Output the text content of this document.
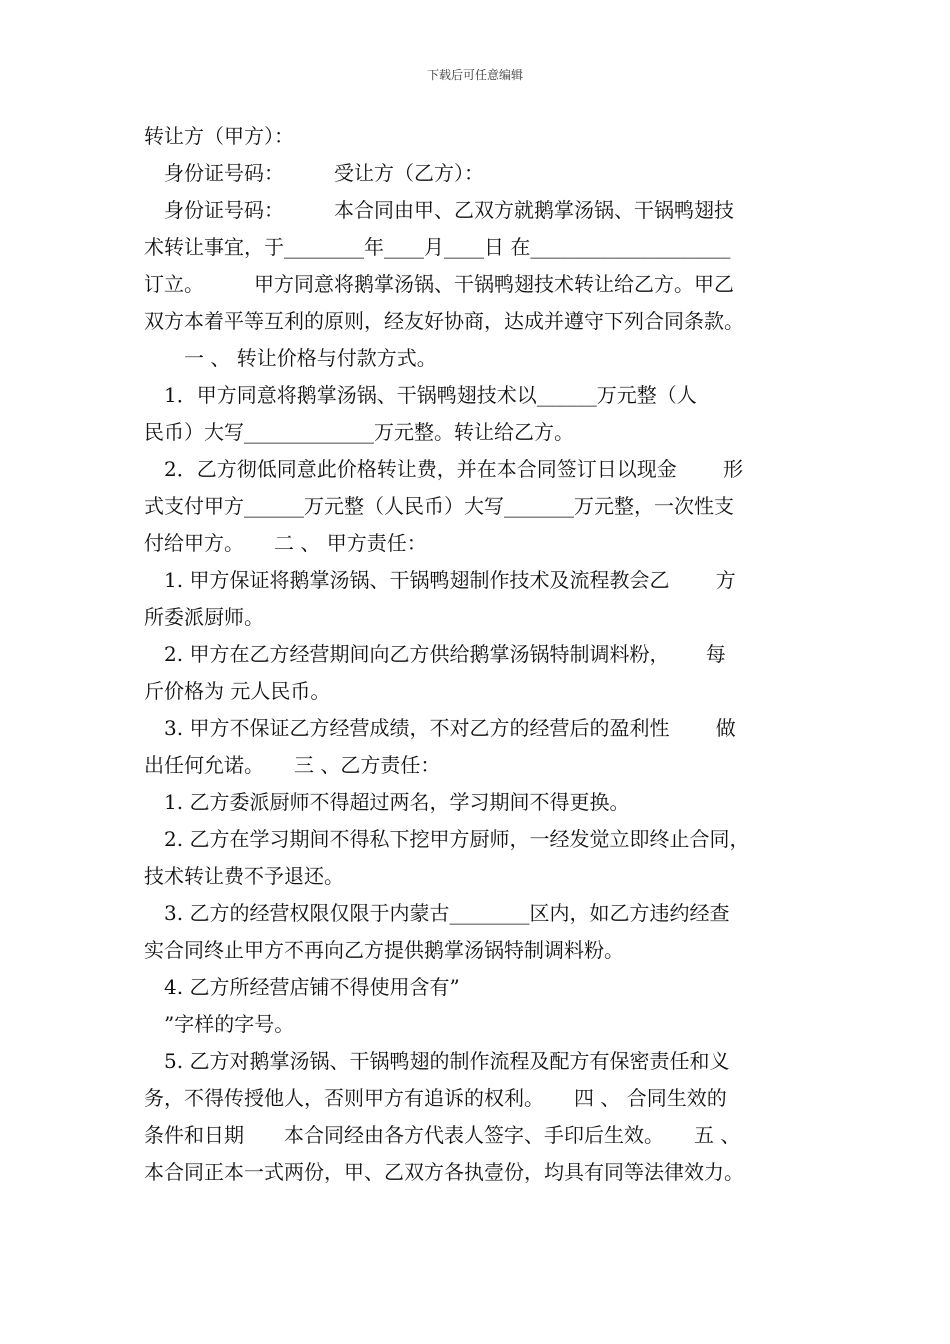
下载后可任意编辑
转让方（甲方）：
　身份证号码：　　　受让方（乙方）：
　身份证号码：　　　本合同由甲、乙双方就鹅掌汤锅、干锅鸭翅技
术转让事宜，于________年____月____日 在____________________
订立。　　　甲方同意将鹅掌汤锅、干锅鸭翅技术转让给乙方。甲乙
双方本着平等互利的原则，经友好协商，达成并遵守下列合同条款。
　　一 、 转让价格与付款方式。
　1．甲方同意将鹅掌汤锅、干锅鸭翅技术以______万元整（人
民币）大写_____________万元整。转让给乙方。
　2．乙方彻低同意此价格转让费，并在本合同签订日以现金　　 形
式支付甲方______万元整（人民币）大写_______万元整，一次性支
付给甲方。　　二 、 甲方责任：
　1. 甲方保证将鹅掌汤锅、干锅鸭翅制作技术及流程教会乙　　 方
所委派厨师。
　2. 甲方在乙方经营期间向乙方供给鹅掌汤锅特制调料粉，　　 每
斤价格为 元人民币。
　3. 甲方不保证乙方经营成绩，不对乙方的经营后的盈利性　　 做
出任何允诺。　　三 、乙方责任：
　1. 乙方委派厨师不得超过两名，学习期间不得更换。
　2. 乙方在学习期间不得私下挖甲方厨师，一经发觉立即终止合同，
技术转让费不予退还。
　3. 乙方的经营权限仅限于内蒙古________区内，如乙方违约经查
实合同终止甲方不再向乙方提供鹅掌汤锅特制调料粉。
　4. 乙方所经营店铺不得使用含有”
　”字样的字号。
　5. 乙方对鹅掌汤锅、干锅鸭翅的制作流程及配方有保密责任和义
务，不得传授他人，否则甲方有追诉的权利。　　四 、 合同生效的
条件和日期　　本合同经由各方代表人签字、手印后生效。　　五 、
本合同正本一式两份，甲、乙双方各执壹份，均具有同等法律效力。
